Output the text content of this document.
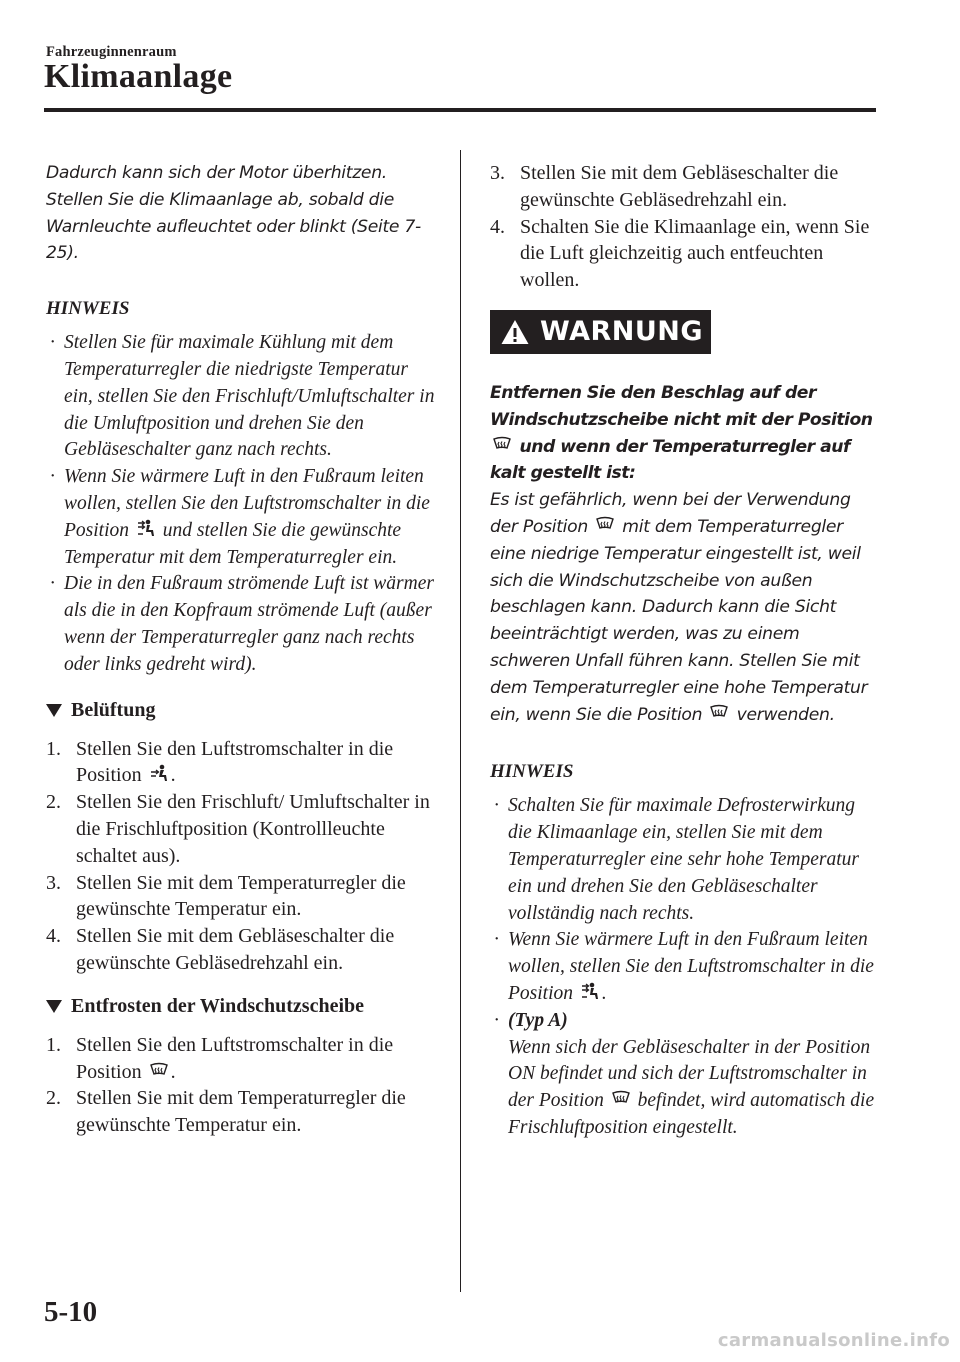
Fahrzeuginnenraum
Klimaanlage

Dadurch kann sich der Motor überhitzen. Stellen Sie die Klimaanlage ab, sobald die Warnleuchte aufleuchtet oder blinkt (Seite 7-25).

HINWEIS
· Stellen Sie für maximale Kühlung mit dem Temperaturregler die niedrigste Temperatur ein, stellen Sie den Frischluft/Umluftschalter in die Umluftposition und drehen Sie den Gebläseschalter ganz nach rechts.
· Wenn Sie wärmere Luft in den Fußraum leiten wollen, stellen Sie den Luftstromschalter in die Position und stellen Sie die gewünschte Temperatur mit dem Temperaturregler ein.
· Die in den Fußraum strömende Luft ist wärmer als die in den Kopfraum strömende Luft (außer wenn der Temperaturregler ganz nach rechts oder links gedreht wird).
Belüftung
1. Stellen Sie den Luftstromschalter in die Position .
2. Stellen Sie den Frischluft/ Umluftschalter in die Frischluftposition (Kontrollleuchte schaltet aus).
3. Stellen Sie mit dem Temperaturregler die gewünschte Temperatur ein.
4. Stellen Sie mit dem Gebläseschalter die gewünschte Gebläsedrehzahl ein.
Entfrosten der Windschutzscheibe
1. Stellen Sie den Luftstromschalter in die Position .
2. Stellen Sie mit dem Temperaturregler die gewünschte Temperatur ein.
3. Stellen Sie mit dem Gebläseschalter die gewünschte Gebläsedrehzahl ein.
4. Schalten Sie die Klimaanlage ein, wenn Sie die Luft gleichzeitig auch entfeuchten wollen.
WARNUNG
Entfernen Sie den Beschlag auf der Windschutzscheibe nicht mit der Position  und wenn der Temperaturregler auf kalt gestellt ist:
Es ist gefährlich, wenn bei der Verwendung der Position mit dem Temperaturregler eine niedrige Temperatur eingestellt ist, weil sich die Windschutzscheibe von außen beschlagen kann. Dadurch kann die Sicht beeinträchtigt werden, was zu einem schweren Unfall führen kann. Stellen Sie mit dem Temperaturregler eine hohe Temperatur ein, wenn Sie die Position verwenden.
HINWEIS
· Schalten Sie für maximale Defrosterwirkung die Klimaanlage ein, stellen Sie mit dem Temperaturregler eine sehr hohe Temperatur ein und drehen Sie den Gebläseschalter vollständig nach rechts.
· Wenn Sie wärmere Luft in den Fußraum leiten wollen, stellen Sie den Luftstromschalter in die Position .
· (Typ A)
Wenn sich der Gebläseschalter in der Position ON befindet und sich der Luftstromschalter in der Position befindet, wird automatisch die Frischluftposition eingestellt.
5-10
carmanualsonline.info
